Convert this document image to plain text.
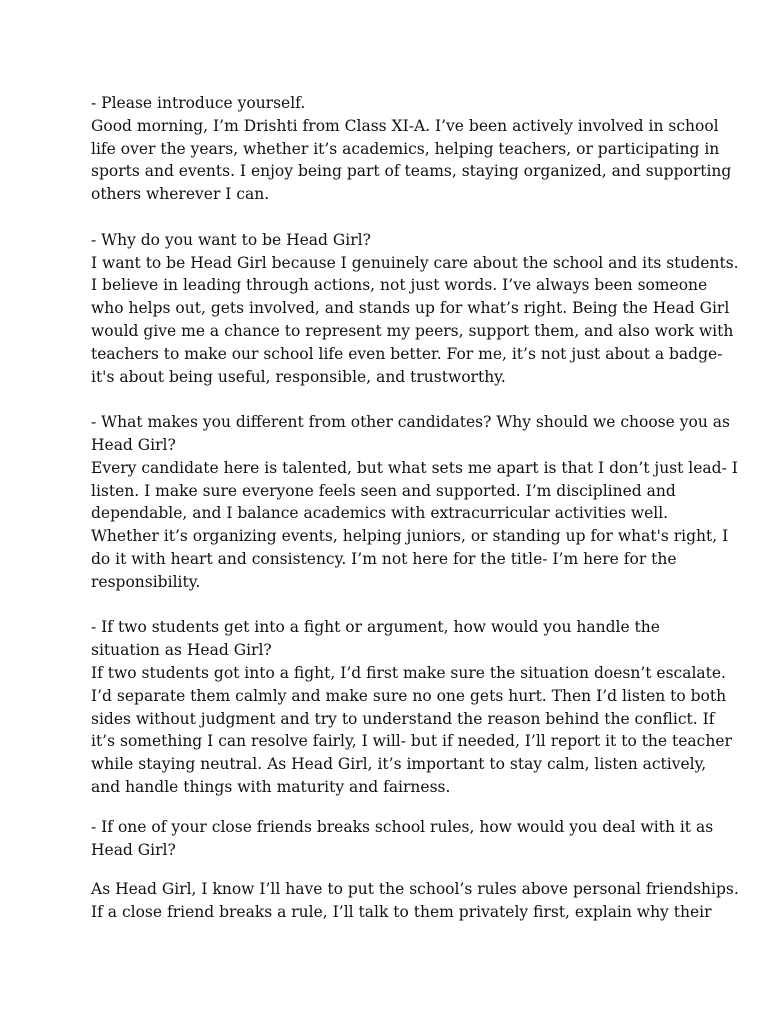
- Please introduce yourself.
Good morning, I’m Drishti from Class XI-A. I’ve been actively involved in school
life over the years, whether it’s academics, helping teachers, or participating in
sports and events. I enjoy being part of teams, staying organized, and supporting
others wherever I can.
- Why do you want to be Head Girl?
I want to be Head Girl because I genuinely care about the school and its students.
I believe in leading through actions, not just words. I’ve always been someone
who helps out, gets involved, and stands up for what’s right. Being the Head Girl
would give me a chance to represent my peers, support them, and also work with
teachers to make our school life even better. For me, it’s not just about a badge-
it's about being useful, responsible, and trustworthy.
- What makes you different from other candidates? Why should we choose you as
Head Girl?
Every candidate here is talented, but what sets me apart is that I don’t just lead- I
listen. I make sure everyone feels seen and supported. I’m disciplined and
dependable, and I balance academics with extracurricular activities well.
Whether it’s organizing events, helping juniors, or standing up for what's right, I
do it with heart and consistency. I’m not here for the title- I’m here for the
responsibility.
- If two students get into a fight or argument, how would you handle the
situation as Head Girl?
If two students got into a fight, I’d first make sure the situation doesn’t escalate.
I’d separate them calmly and make sure no one gets hurt. Then I’d listen to both
sides without judgment and try to understand the reason behind the conflict. If
it’s something I can resolve fairly, I will- but if needed, I’ll report it to the teacher
while staying neutral. As Head Girl, it’s important to stay calm, listen actively,
and handle things with maturity and fairness.
- If one of your close friends breaks school rules, how would you deal with it as
Head Girl?
As Head Girl, I know I’ll have to put the school’s rules above personal friendships.
If a close friend breaks a rule, I’ll talk to them privately first, explain why their
